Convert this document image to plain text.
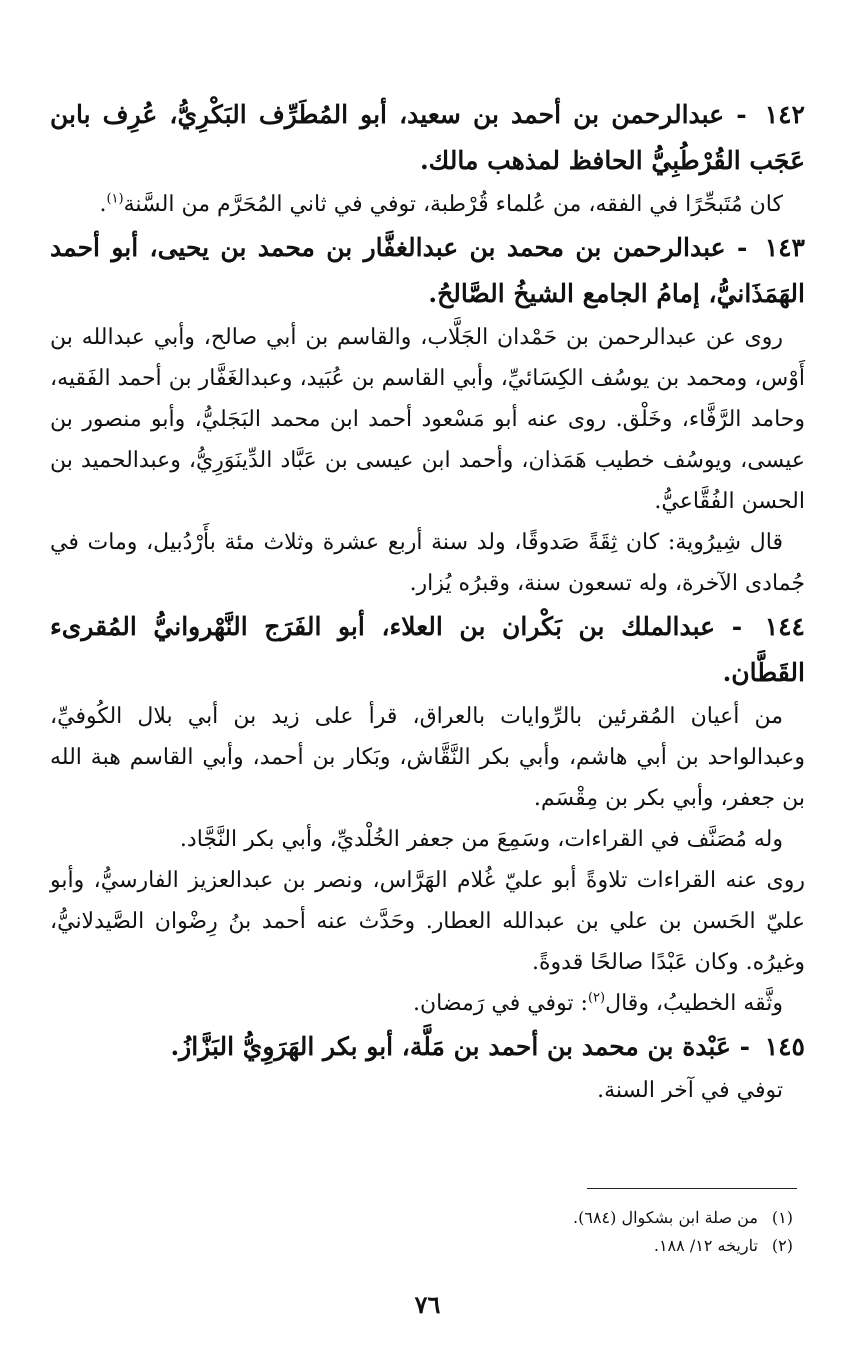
١٤٢ - عبدالرحمن بن أحمد بن سعيد، أبو المُطَرِّف البَكْرِيُّ، عُرِف بابن عَجَب القُرْطُبِيُّ الحافظ لمذهب مالك.

كان مُتَبحِّرًا في الفقه، من عُلماء قُرْطبة، توفي في ثاني المُحَرَّم من السَّنة$^{(١)}$.

١٤٣ - عبدالرحمن بن محمد بن عبدالغفَّار بن محمد بن يحيى، أبو أحمد الهَمَذَانيُّ، إمامُ الجامع الشيخُ الصَّالحُ.

روى عن عبدالرحمن بن حَمْدان الجَلَّاب، والقاسم بن أبي صالح، وأبي عبدالله بن أَوْس، ومحمد بن يوسُف الكِسَائيِّ، وأبي القاسم بن عُبَيد، وعبدالغَفَّار بن أحمد الفَقيه، وحامد الرَّفَّاء، وخَلْق. روى عنه أبو مَسْعود أحمد ابن محمد البَجَليُّ، وأبو منصور بن عيسى، ويوسُف خطيب هَمَذان، وأحمد ابن عيسى بن عَبَّاد الدِّينَوَرِيُّ، وعبدالحميد بن الحسن الفُقَّاعيُّ.

قال شِيرُوية: كان ثِقَةً صَدوقًا، ولد سنة أربع عشرة وثلاث مئة بأَرْدُبيل، ومات في جُمادى الآخرة، وله تسعون سنة، وقبرُه يُزار.

١٤٤ - عبدالملك بن بَكْران بن العلاء، أبو الفَرَج النَّهْروانيُّ المُقرىء القَطَّان.

من أعيان المُقرئين بالرِّوايات بالعراق، قرأ على زيد بن أبي بلال الكُوفيِّ، وعبدالواحد بن أبي هاشم، وأبي بكر النَّقَّاش، وبَكار بن أحمد، وأبي القاسم هبة الله بن جعفر، وأبي بكر بن مِقْسَم.

وله مُصَنَّف في القراءات، وسَمِعَ من جعفر الخُلْديِّ، وأبي بكر النَّجَّاد.

روى عنه القراءات تلاوةً أبو عليّ غُلام الهَرَّاس، ونصر بن عبدالعزيز الفارسيُّ، وأبو عليّ الحَسن بن علي بن عبدالله العطار. وحَدَّث عنه أحمد بنُ رِضْوان الصَّيدلانيُّ، وغيرُه. وكان عَبْدًا صالحًا قدوةً.

وثَّقه الخطيبُ، وقال$^{(٢)}$: توفي في رَمضان.

١٤٥ - عَبْدة بن محمد بن أحمد بن مَلَّة، أبو بكر الهَرَوِيُّ البَزَّازُ.

توفي في آخر السنة.

(١)من صلة ابن بشكوال (٦٨٤).

(٢)تاريخه ١٢/ ١٨٨.

٧٦
